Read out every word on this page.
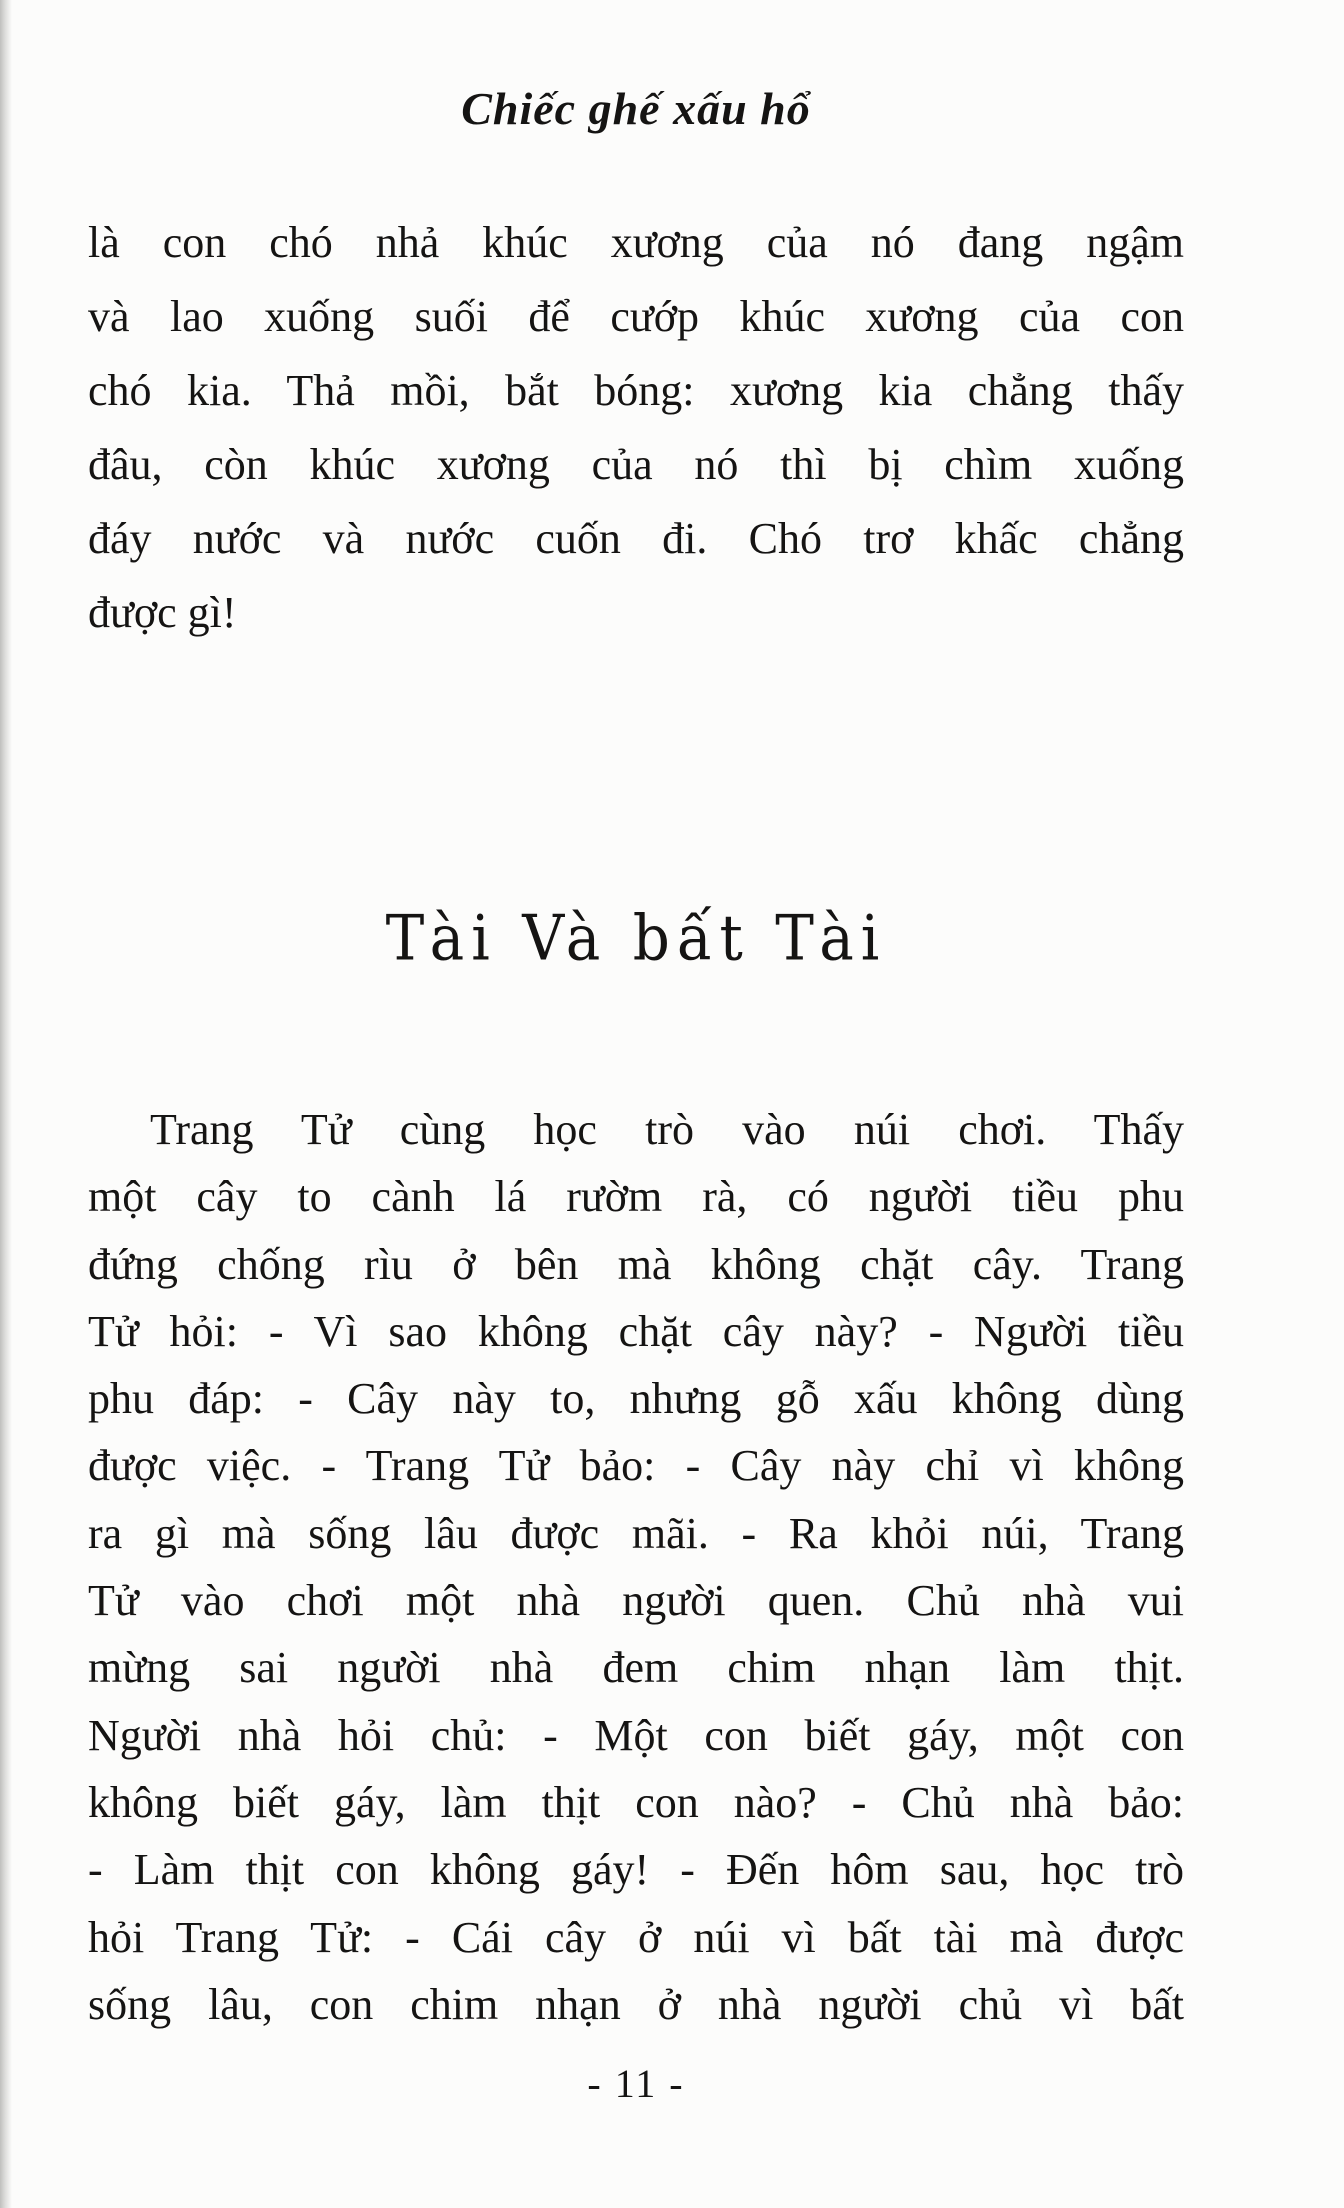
Chiếc ghế xấu hổ
là con chó nhả khúc xương của nó đang ngậm
và lao xuống suối để cướp khúc xương của con
chó kia. Thả mồi, bắt bóng: xương kia chẳng thấy
đâu, còn khúc xương của nó thì bị chìm xuống
đáy nước và nước cuốn đi. Chó trơ khấc chẳng
được gì!
Tài Và bất Tài
Trang Tử cùng học trò vào núi chơi. Thấy
một cây to cành lá rườm rà, có người tiều phu
đứng chống rìu ở bên mà không chặt cây. Trang
Tử hỏi: - Vì sao không chặt cây này? - Người tiều
phu đáp: - Cây này to, nhưng gỗ xấu không dùng
được việc. - Trang Tử bảo: - Cây này chỉ vì không
ra gì mà sống lâu được mãi. - Ra khỏi núi, Trang
Tử vào chơi một nhà người quen. Chủ nhà vui
mừng sai người nhà đem chim nhạn làm thịt.
Người nhà hỏi chủ: - Một con biết gáy, một con
không biết gáy, làm thịt con nào? - Chủ nhà bảo:
- Làm thịt con không gáy! - Đến hôm sau, học trò
hỏi Trang Tử: - Cái cây ở núi vì bất tài mà được
sống lâu, con chim nhạn ở nhà người chủ vì bất
- 11 -
